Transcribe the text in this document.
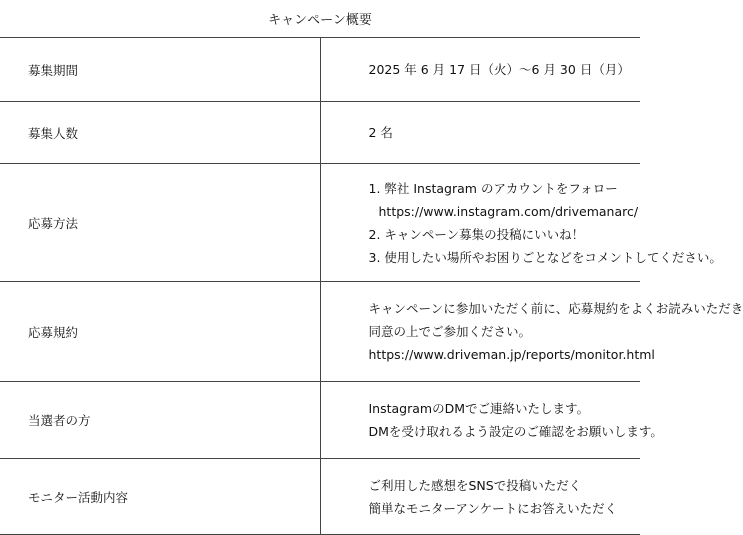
キャンペーン概要	
募集期間	2025 年 6 月 17 日（火）～6 月 30 日（月）

募集人数	2 名

応募方法	1. 弊社 Instagram のアカウントをフォロー
https://www.instagram.com/drivemanarc/
2. キャンペーン募集の投稿にいいね！
3. 使用したい場所やお困りごとなどをコメントしてください。

応募規約	キャンペーンに参加いただく前に、応募規約をよくお読みいただき
同意の上でご参加ください。
https://www.driveman.jp/reports/monitor.html

当選者の方	InstagramのDMでご連絡いたします。
DMを受け取れるよう設定のご確認をお願いします。

モニター活動内容	ご利用した感想をSNSで投稿いただく
簡単なモニターアンケートにお答えいただく
